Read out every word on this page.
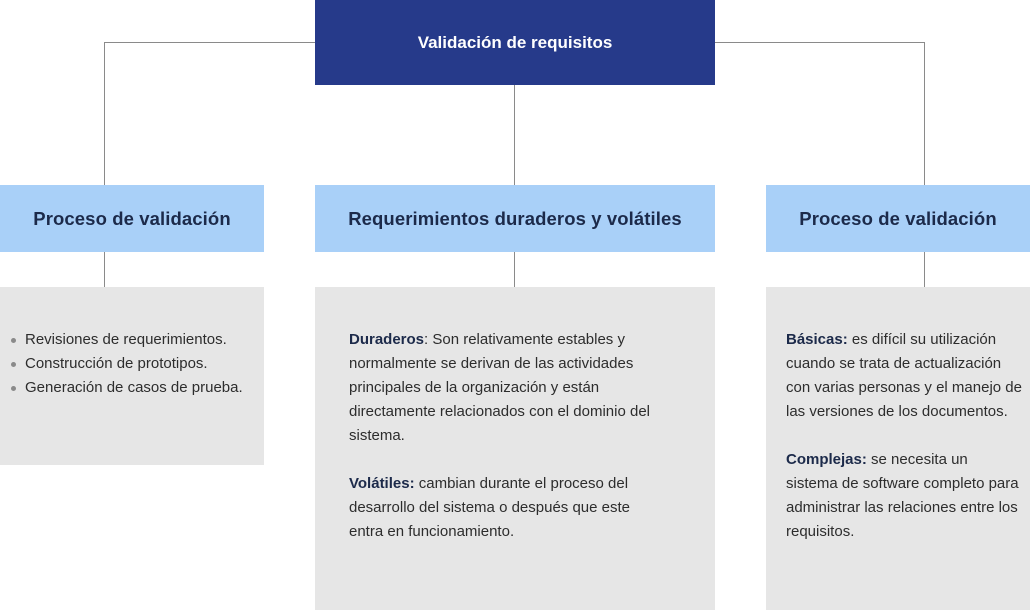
Validación de requisitos
Proceso de validación	Requerimientos duraderos y volátiles	Proceso de validación
Revisiones de requerimientos.
Construcción de prototipos.
Generación de casos de prueba.

Duraderos: Son relativamente estables y normalmente se derivan de las actividades principales de la organización y están directamente relacionados con el dominio del sistema.

Volátiles: cambian durante el proceso del desarrollo del sistema o después que este entra en funcionamiento.

Básicas: es difícil su utilización cuando se trata de actualización con varias personas y el manejo de las versiones de los documentos.

Complejas: se necesita un sistema de software completo para administrar las relaciones entre los requisitos.
